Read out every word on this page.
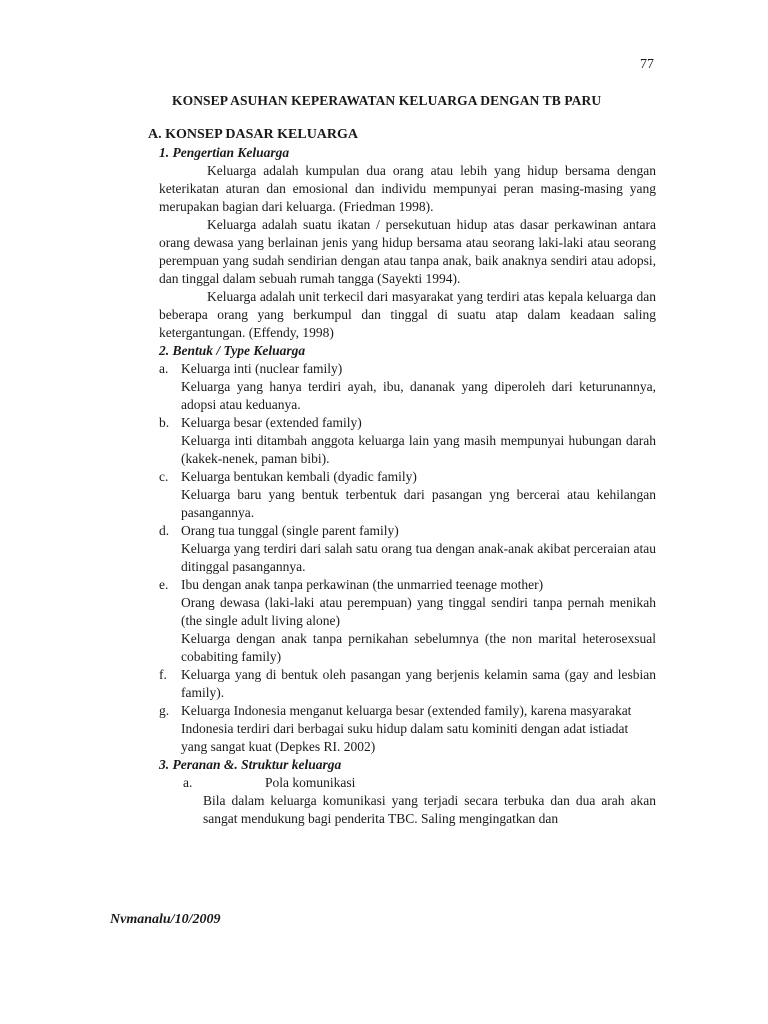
77
KONSEP ASUHAN KEPERAWATAN KELUARGA DENGAN TB PARU
A. KONSEP DASAR KELUARGA
1. Pengertian Keluarga
Keluarga adalah kumpulan dua orang atau lebih yang hidup bersama dengan keterikatan aturan dan emosional dan individu mempunyai peran masing-masing yang merupakan bagian dari keluarga. (Friedman 1998).
Keluarga adalah suatu ikatan / persekutuan hidup atas dasar perkawinan antara orang dewasa yang berlainan jenis yang hidup bersama atau seorang laki-laki atau seorang perempuan yang sudah sendirian dengan atau tanpa anak, baik anaknya sendiri atau adopsi, dan tinggal dalam sebuah rumah tangga (Sayekti 1994).
Keluarga adalah unit terkecil dari masyarakat yang terdiri atas kepala keluarga dan beberapa orang yang berkumpul dan tinggal di suatu atap dalam keadaan saling ketergantungan. (Effendy, 1998)
2. Bentuk / Type Keluarga
a. Keluarga inti (nuclear family)
Keluarga yang hanya terdiri ayah, ibu, dananak yang diperoleh dari keturunannya, adopsi atau keduanya.
b. Keluarga besar (extended family)
Keluarga inti ditambah anggota keluarga lain yang masih mempunyai hubungan darah (kakek-nenek, paman bibi).
c. Keluarga bentukan kembali (dyadic family)
Keluarga baru yang bentuk terbentuk dari pasangan yng bercerai atau kehilangan pasangannya.
d. Orang tua tunggal (single parent family)
Keluarga yang terdiri dari salah satu orang tua dengan anak-anak akibat perceraian atau ditinggal pasangannya.
e. Ibu dengan anak tanpa perkawinan (the unmarried teenage mother)
Orang dewasa (laki-laki atau perempuan) yang tinggal sendiri tanpa pernah menikah (the single adult living alone)
Keluarga dengan anak tanpa pernikahan sebelumnya (the non marital heterosexsual cobabiting family)
f.	Keluarga yang di bentuk oleh pasangan yang berjenis kelamin sama (gay and lesbian family).
g. Keluarga Indonesia menganut keluarga besar (extended family), karena masyarakat Indonesia terdiri dari berbagai suku hidup dalam satu kominiti dengan adat istiadat yang sangat kuat (Depkes RI. 2002)
3. Peranan &. Struktur keluarga
a.	Pola komunikasi
Bila dalam keluarga komunikasi yang terjadi secara terbuka dan dua arah akan sangat mendukung bagi penderita TBC. Saling mengingatkan dan
Nvmanalu/10/2009
